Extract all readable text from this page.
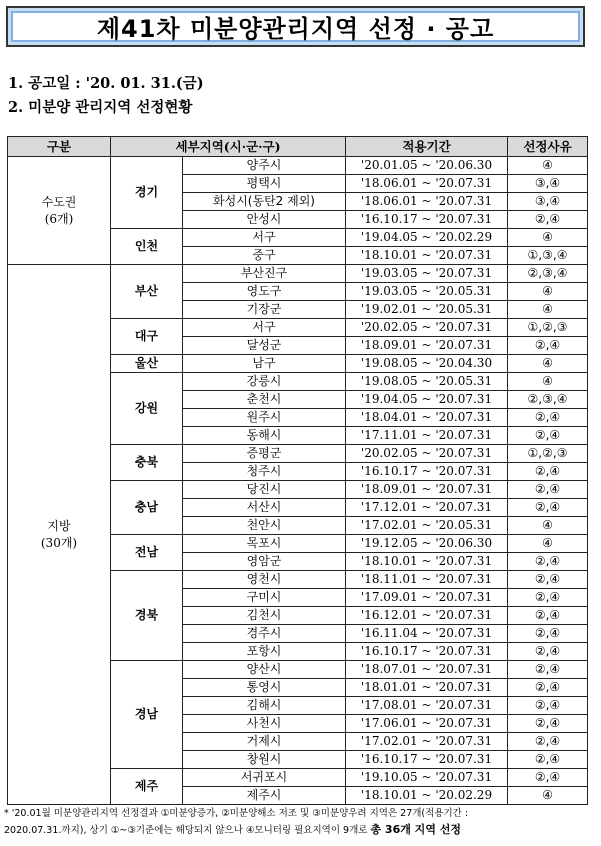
제41차 미분양관리지역 선정 · 공고
1. 공고일 : '20. 01. 31.(금)
2. 미분양 관리지역 선정현황
구분	세부지역(시·군·구)		적용기간	선정사유

수도권
(6개)	경기	양주시	'20.01.05 ~ '20.06.30	④
		평택시	'18.06.01 ~ '20.07.31	③,④
		화성시(동탄2 제외)	'18.06.01 ~ '20.07.31	③,④
		안성시	'16.10.17 ~ '20.07.31	②,④
	인천	서구	'19.04.05 ~ '20.02.29	④
		중구	'18.10.01 ~ '20.07.31	①,③,④

지방
(30개)	부산	부산진구	'19.03.05 ~ '20.07.31	②,③,④
		영도구	'19.03.05 ~ '20.05.31	④
		기장군	'19.02.01 ~ '20.05.31	④
	대구	서구	'20.02.05 ~ '20.07.31	①,②,③
		달성군	'18.09.01 ~ '20.07.31	②,④
	울산	남구	'19.08.05 ~ '20.04.30	④
	강원	강릉시	'19.08.05 ~ '20.05.31	④
		춘천시	'19.04.05 ~ '20.07.31	②,③,④
		원주시	'18.04.01 ~ '20.07.31	②,④
		동해시	'17.11.01 ~ '20.07.31	②,④
	충북	증평군	'20.02.05 ~ '20.07.31	①,②,③
		청주시	'16.10.17 ~ '20.07.31	②,④
	충남	당진시	'18.09.01 ~ '20.07.31	②,④
		서산시	'17.12.01 ~ '20.07.31	②,④
		천안시	'17.02.01 ~ '20.05.31	④
	전남	목포시	'19.12.05 ~ '20.06.30	④
		영암군	'18.10.01 ~ '20.07.31	②,④
	경북	영천시	'18.11.01 ~ '20.07.31	②,④
		구미시	'17.09.01 ~ '20.07.31	②,④
		김천시	'16.12.01 ~ '20.07.31	②,④
		경주시	'16.11.04 ~ '20.07.31	②,④
		포항시	'16.10.17 ~ '20.07.31	②,④
	경남	양산시	'18.07.01 ~ '20.07.31	②,④
		통영시	'18.01.01 ~ '20.07.31	②,④
		김해시	'17.08.01 ~ '20.07.31	②,④
		사천시	'17.06.01 ~ '20.07.31	②,④
		거제시	'17.02.01 ~ '20.07.31	②,④
		창원시	'16.10.17 ~ '20.07.31	②,④
	제주	서귀포시	'19.10.05 ~ '20.07.31	②,④
		제주시	'18.10.01 ~ '20.02.29	④
* '20.01월 미분양관리지역 선정결과 ①미분양증가, ②미분양해소 저조 및 ③미분양우려 지역은 27개(적용기간 :
2020.07.31.까지), 상기 ①~③기준에는 해당되지 않으나 ④모니터링 필요지역이 9개로 총 36개 지역 선정
